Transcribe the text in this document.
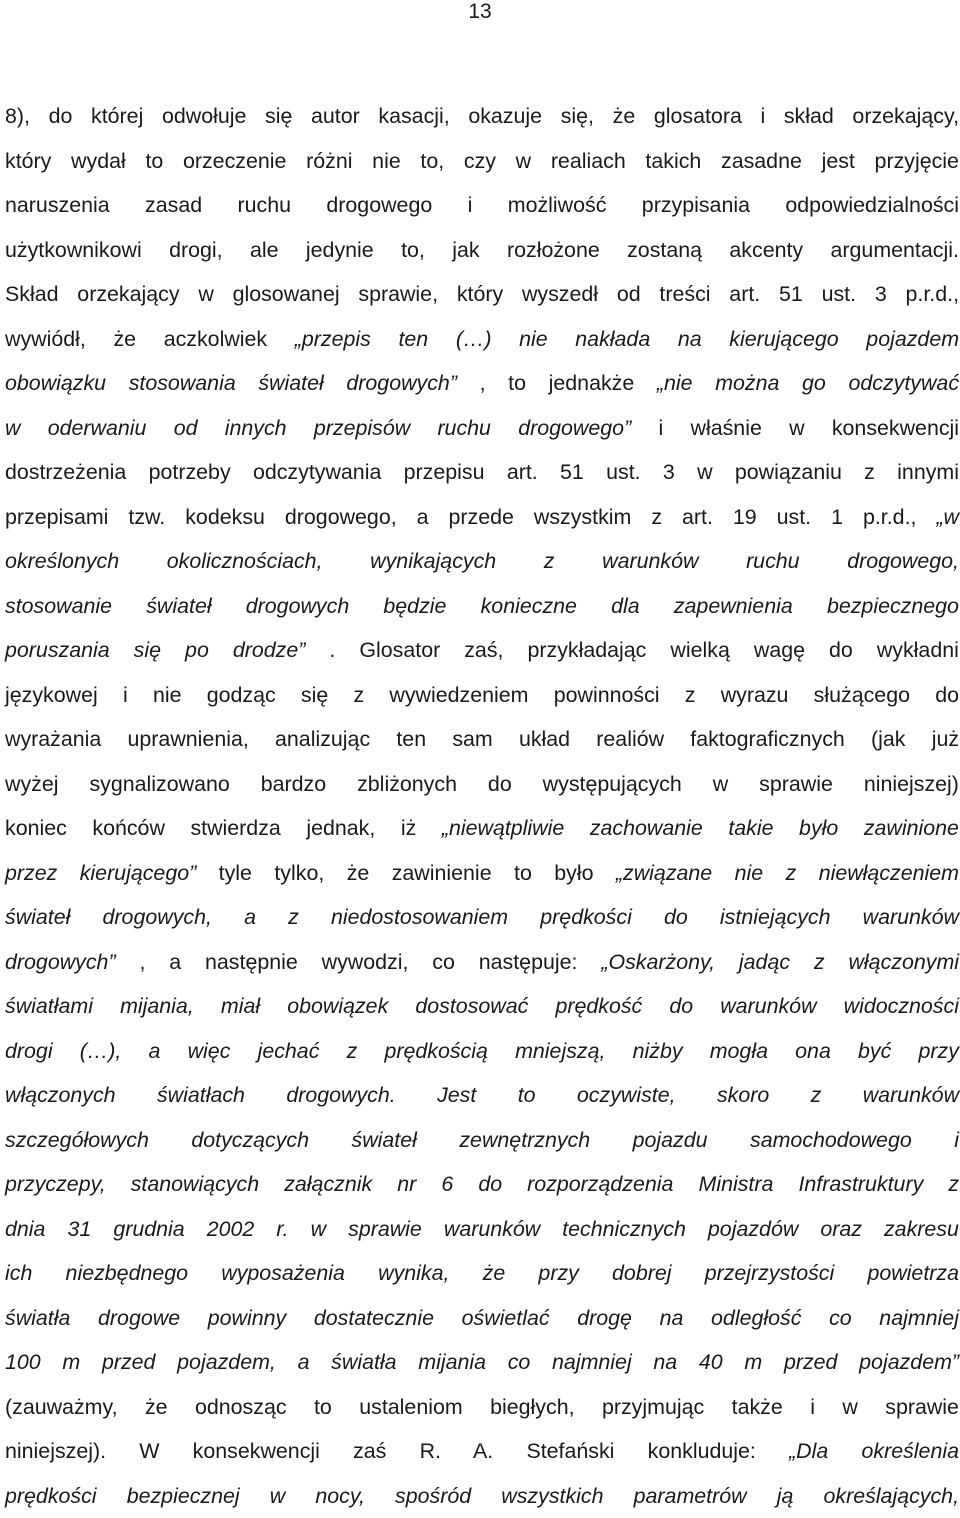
13
8), do której odwołuje się autor kasacji, okazuje się, że glosatora i skład orzekający,
który wydał to orzeczenie różni nie to, czy w realiach takich zasadne jest przyjęcie
naruszenia zasad ruchu drogowego i możliwość przypisania odpowiedzialności
użytkownikowi drogi, ale jedynie to, jak rozłożone zostaną akcenty argumentacji.
Skład orzekający w glosowanej sprawie, który wyszedł od treści art. 51 ust. 3 p.r.d.,
wywiódł, że aczkolwiek „przepis ten (…) nie nakłada na kierującego pojazdem
obowiązku stosowania świateł drogowych” , to jednakże „nie można go odczytywać
w oderwaniu od innych przepisów ruchu drogowego” i właśnie w konsekwencji
dostrzeżenia potrzeby odczytywania przepisu art. 51 ust. 3 w powiązaniu z innymi
przepisami tzw. kodeksu drogowego, a przede wszystkim z art. 19 ust. 1 p.r.d., „w
określonych okolicznościach, wynikających z warunków ruchu drogowego,
stosowanie świateł drogowych będzie konieczne dla zapewnienia bezpiecznego
poruszania się po drodze” . Glosator zaś, przykładając wielką wagę do wykładni
językowej i nie godząc się z wywiedzeniem powinności z wyrazu służącego do
wyrażania uprawnienia, analizując ten sam układ realiów faktograficznych (jak już
wyżej sygnalizowano bardzo zbliżonych do występujących w sprawie niniejszej)
koniec końców stwierdza jednak, iż „niewątpliwie zachowanie takie było zawinione
przez kierującego” tyle tylko, że zawinienie to było „związane nie z niewłączeniem
świateł drogowych, a z niedostosowaniem prędkości do istniejących warunków
drogowych” , a następnie wywodzi, co następuje: „Oskarżony, jadąc z włączonymi
światłami mijania, miał obowiązek dostosować prędkość do warunków widoczności
drogi (…), a więc jechać z prędkością mniejszą, niżby mogła ona być przy
włączonych światłach drogowych. Jest to oczywiste, skoro z warunków
szczegółowych dotyczących świateł zewnętrznych pojazdu samochodowego i
przyczepy, stanowiących załącznik nr 6 do rozporządzenia Ministra Infrastruktury z
dnia 31 grudnia 2002 r. w sprawie warunków technicznych pojazdów oraz zakresu
ich niezbędnego wyposażenia wynika, że przy dobrej przejrzystości powietrza
światła drogowe powinny dostatecznie oświetlać drogę na odległość co najmniej
100 m przed pojazdem, a światła mijania co najmniej na 40 m przed pojazdem”
(zauważmy, że odnosząc to ustaleniom biegłych, przyjmując także i w sprawie
niniejszej). W konsekwencji zaś R. A. Stefański konkluduje: „Dla określenia
prędkości bezpiecznej w nocy, spośród wszystkich parametrów ją określających,
